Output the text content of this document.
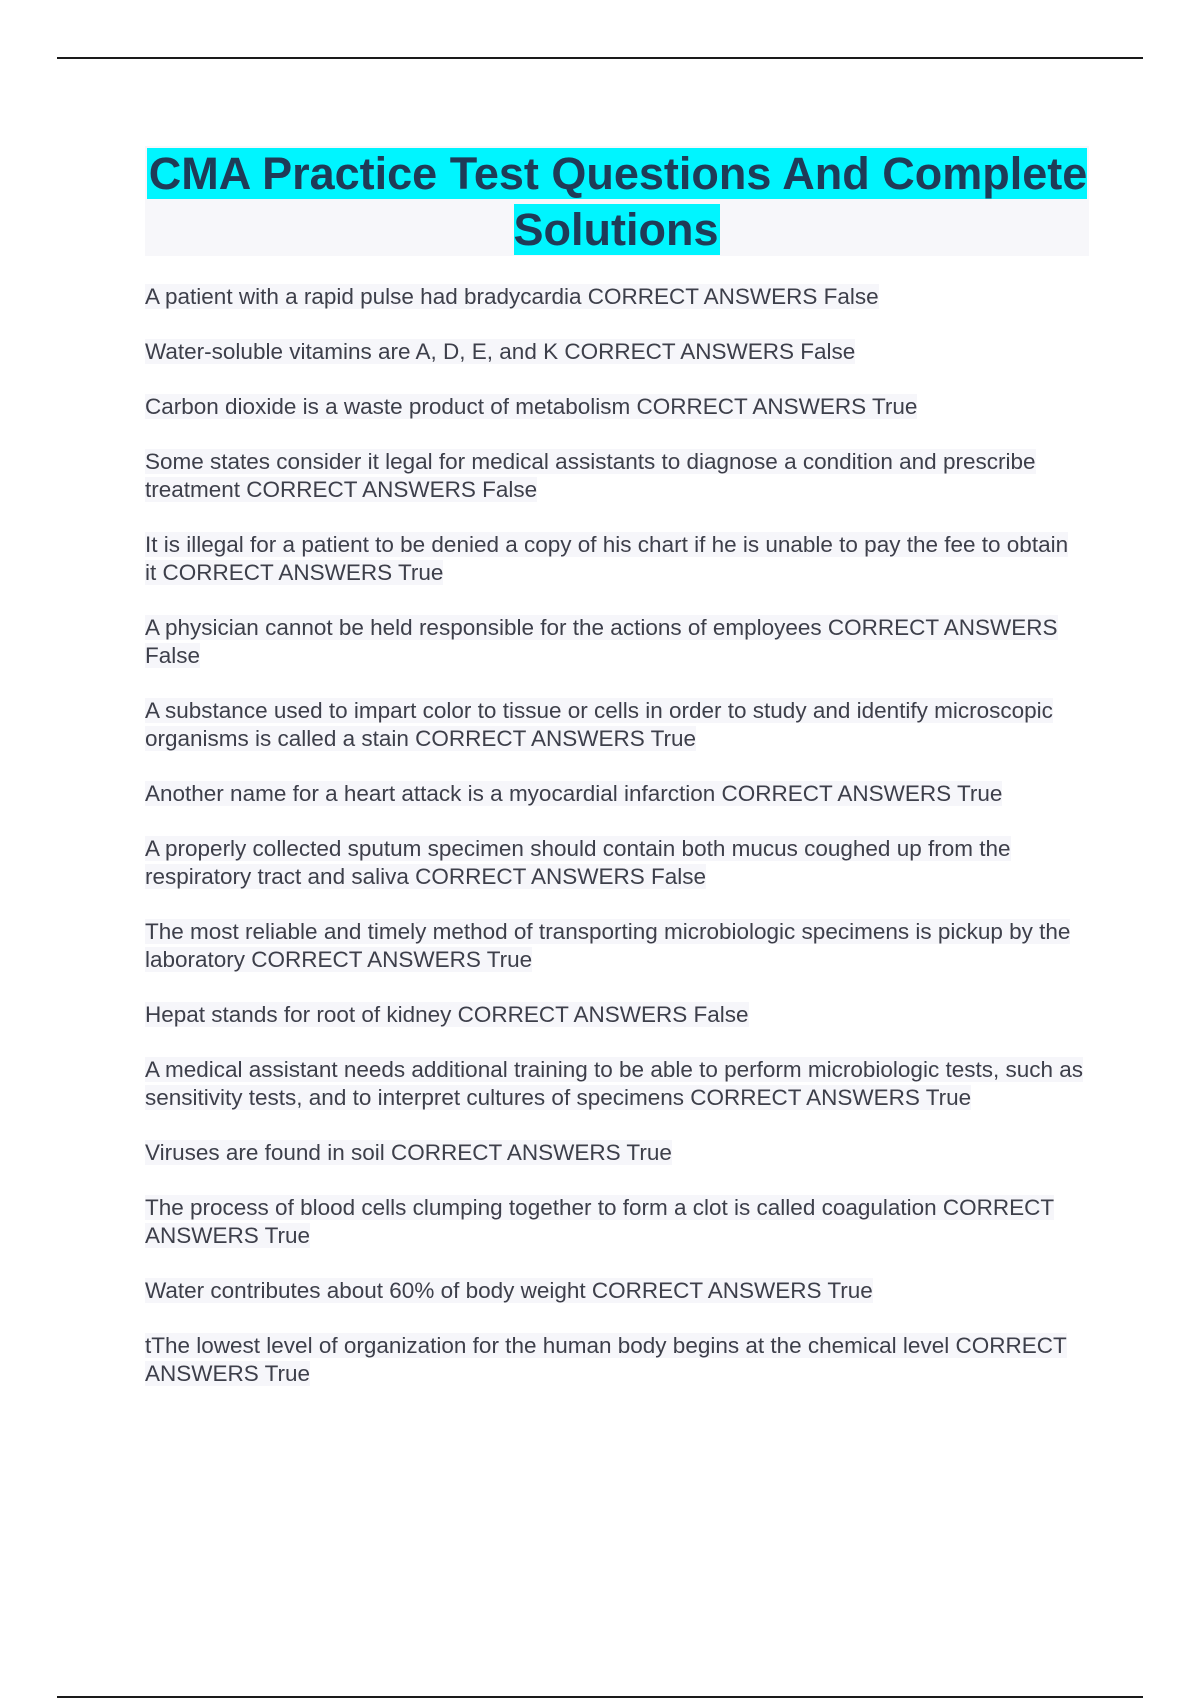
CMA Practice Test Questions And Complete Solutions
A patient with a rapid pulse had bradycardia CORRECT ANSWERS False
Water-soluble vitamins are A, D, E, and K CORRECT ANSWERS False
Carbon dioxide is a waste product of metabolism CORRECT ANSWERS True
Some states consider it legal for medical assistants to diagnose a condition and prescribe treatment CORRECT ANSWERS False
It is illegal for a patient to be denied a copy of his chart if he is unable to pay the fee to obtain it CORRECT ANSWERS True
A physician cannot be held responsible for the actions of employees CORRECT ANSWERS False
A substance used to impart color to tissue or cells in order to study and identify microscopic organisms is called a stain CORRECT ANSWERS True
Another name for a heart attack is a myocardial infarction CORRECT ANSWERS True
A properly collected sputum specimen should contain both mucus coughed up from the respiratory tract and saliva CORRECT ANSWERS False
The most reliable and timely method of transporting microbiologic specimens is pickup by the laboratory CORRECT ANSWERS True
Hepat stands for root of kidney CORRECT ANSWERS False
A medical assistant needs additional training to be able to perform microbiologic tests, such as sensitivity tests, and to interpret cultures of specimens CORRECT ANSWERS True
Viruses are found in soil CORRECT ANSWERS True
The process of blood cells clumping together to form a clot is called coagulation CORRECT ANSWERS True
Water contributes about 60% of body weight CORRECT ANSWERS True
tThe lowest level of organization for the human body begins at the chemical level CORRECT ANSWERS True
